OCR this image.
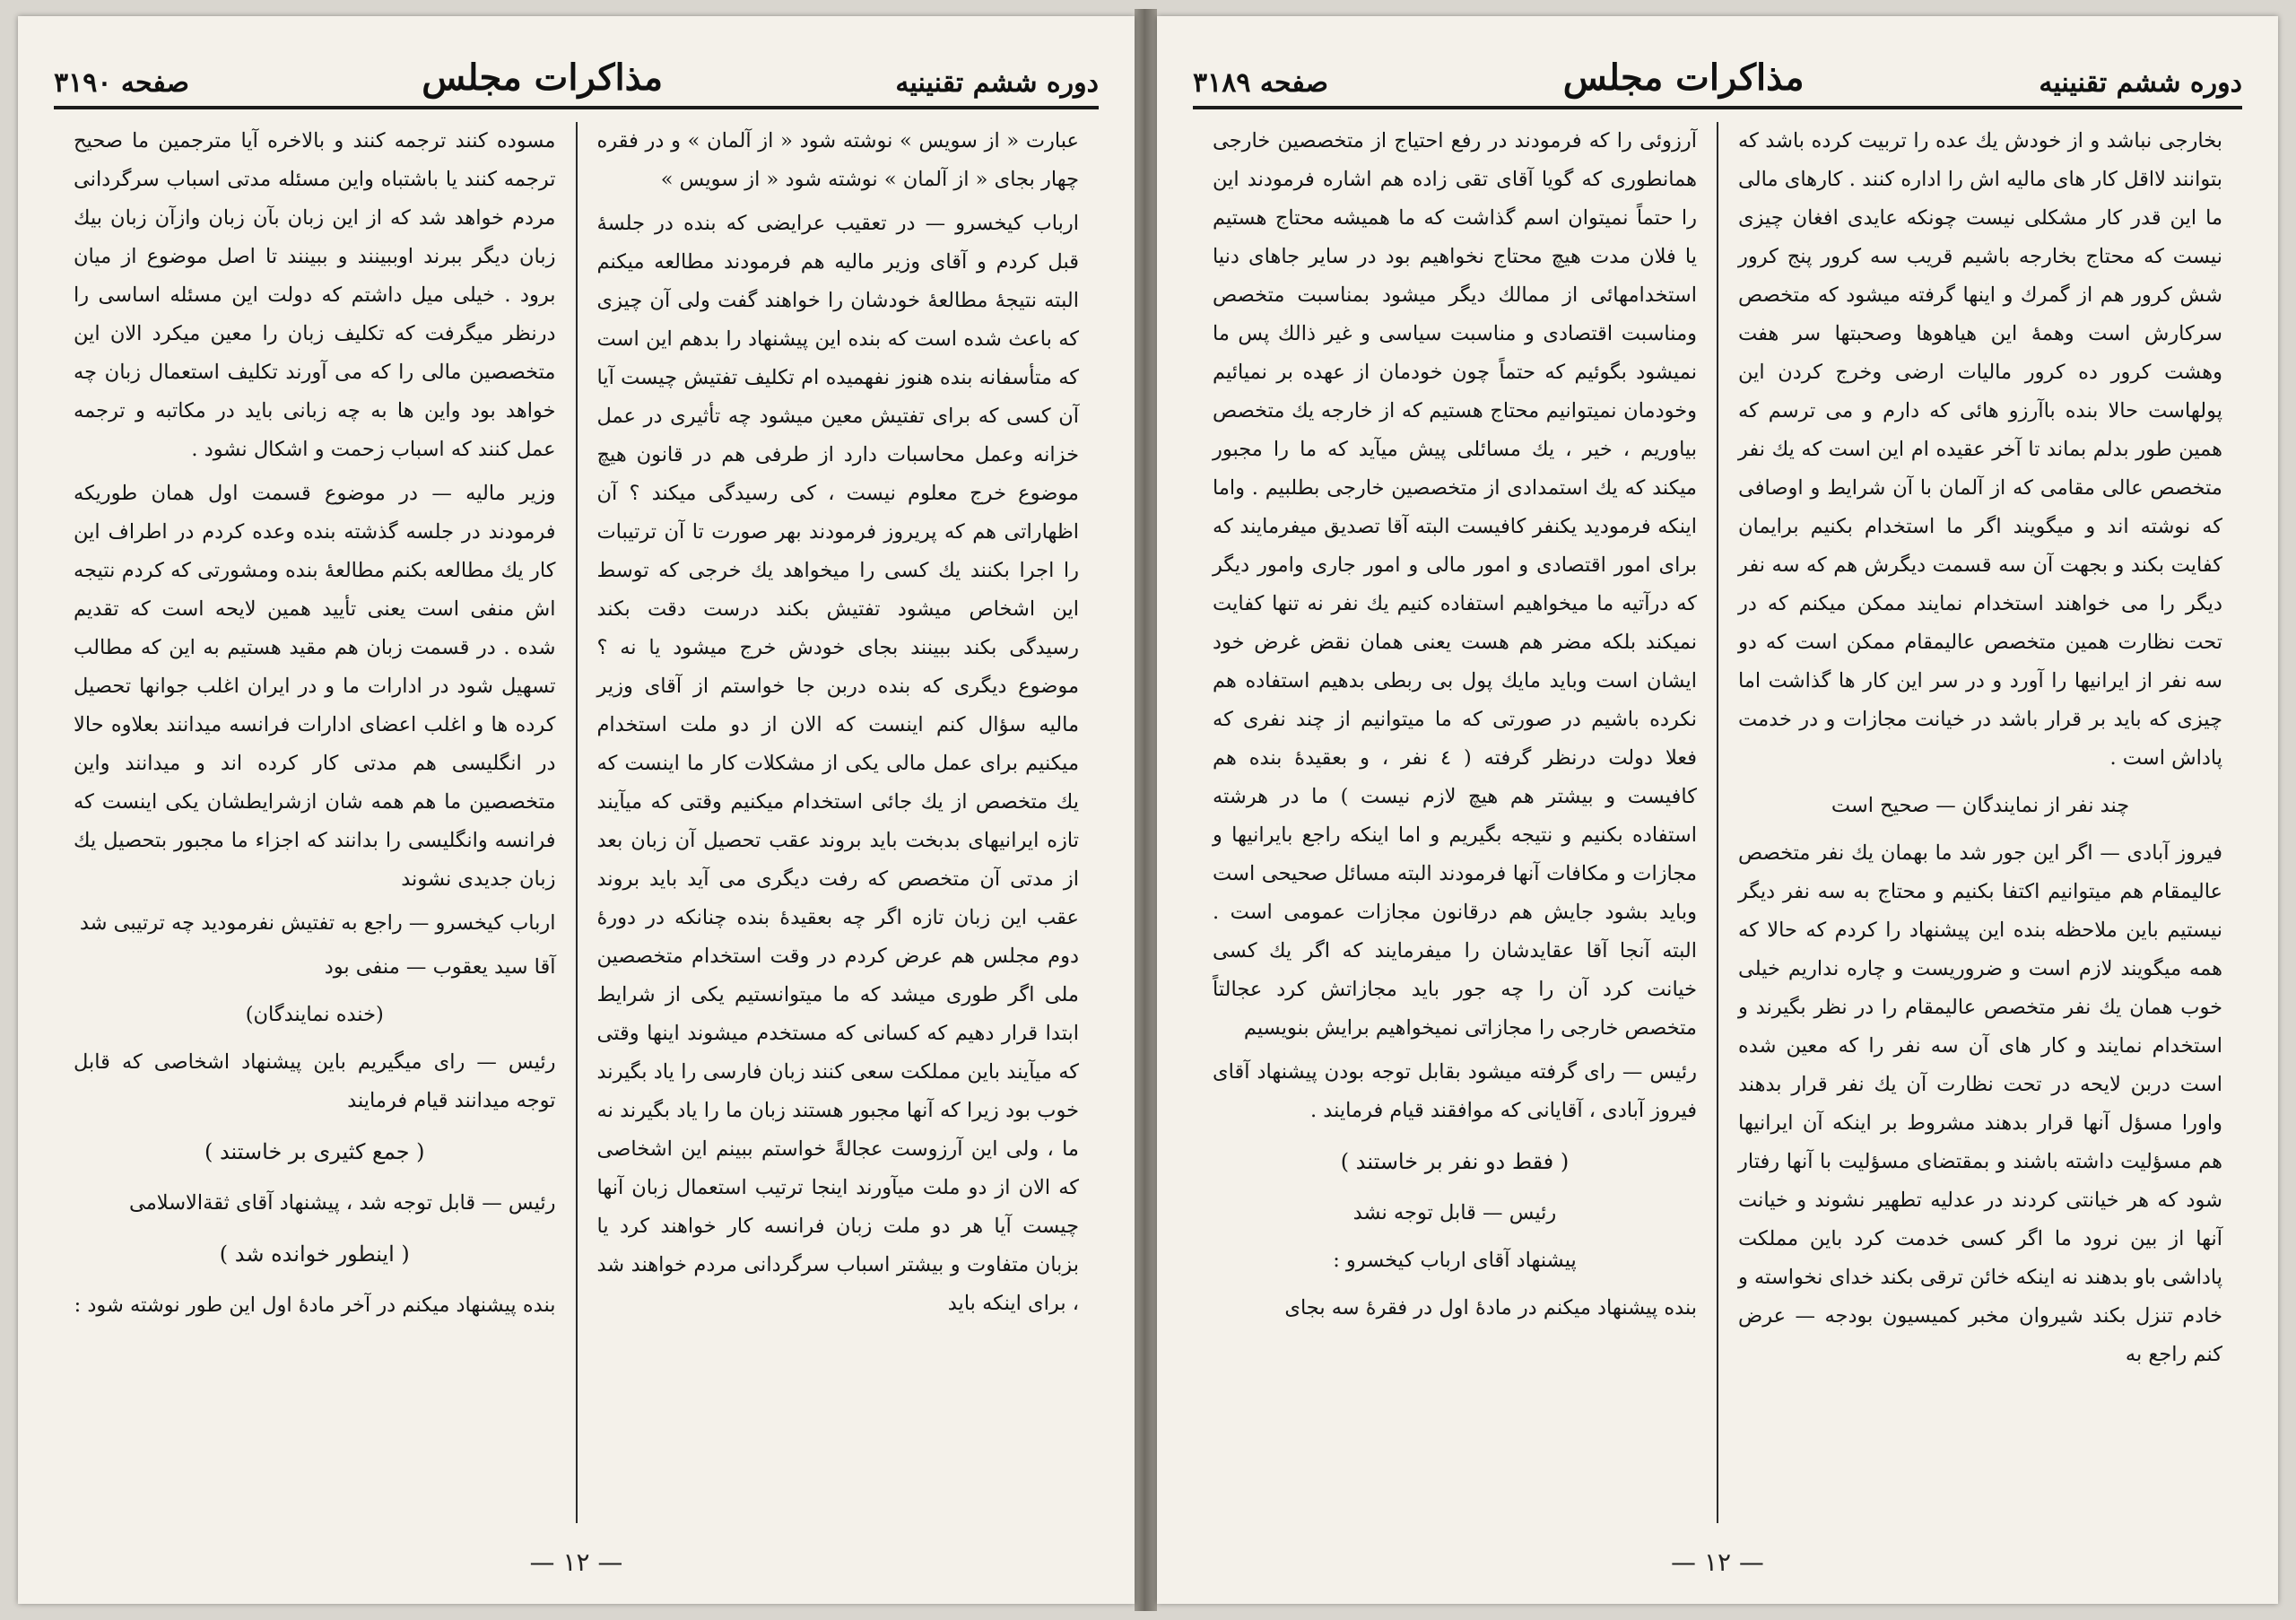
دوره ششم تقنینیه
مذاکرات مجلس
صفحه ۳۱۹۰

عبارت « از سویس » نوشته شود « از آلمان » و در فقره چهار بجای « از آلمان » نوشته شود « از سویس »

ارباب کیخسرو — در تعقیب عرایضی که بنده در جلسهٔ قبل کردم و آقای وزیر مالیه هم فرمودند مطالعه میکنم البته نتیجهٔ مطالعهٔ خودشان را خواهند گفت ولی آن چیزی که باعث شده است که بنده این پیشنهاد را بدهم این است که متأسفانه بنده هنوز نفهمیده ام تکلیف تفتیش چیست آیا آن کسی که برای تفتیش معین میشود چه تأثیری در عمل خزانه وعمل محاسبات دارد از طرفی هم در قانون هیچ موضوع خرج معلوم نیست ، کی رسیدگی میکند ؟ آن اظهاراتی هم که پریروز فرمودند بهر صورت تا آن ترتیبات را اجرا بکنند یك کسی را میخواهد یك خرجی که توسط این اشخاص میشود تفتیش بکند درست دقت بکند رسیدگی بکند ببینند بجای خودش خرج میشود یا نه ؟ موضوع دیگری که بنده دربن جا خواستم از آقای وزیر مالیه سؤال کنم اینست که الان از دو ملت استخدام میکنیم برای عمل مالی یکی از مشکلات کار ما اینست که یك متخصص از یك جائی استخدام میکنیم وقتی که میآیند تازه ایرانیهای بدبخت باید بروند عقب تحصیل آن زبان بعد از مدتی آن متخصص که رفت دیگری می آید باید بروند عقب این زبان تازه اگر چه بعقیدهٔ بنده چنانکه در دورهٔ دوم مجلس هم عرض کردم در وقت استخدام متخصصین ملی اگر طوری میشد که ما میتوانستیم یکی از شرایط ابتدا قرار دهیم که کسانی که مستخدم میشوند اینها وقتی که میآیند باین مملکت سعی کنند زبان فارسی را یاد بگیرند خوب بود زیرا که آنها مجبور هستند زبان ما را یاد بگیرند نه ما ، ولی این آرزوست عجالةً خواستم ببینم این اشخاصی که الان از دو ملت میآورند اینجا ترتیب استعمال زبان آنها چیست آیا هر دو ملت زبان فرانسه کار خواهند کرد یا بزبان متفاوت و بیشتر اسباب سرگردانی مردم خواهند شد ، برای اینکه باید

مسوده کنند ترجمه کنند و بالاخره آیا مترجمین ما صحیح ترجمه کنند یا باشتباه واین مسئله مدتی اسباب سرگردانی مردم خواهد شد که از این زبان بآن زبان وازآن زبان بیك زبان دیگر ببرند اوببینند و ببینند تا اصل موضوع از میان برود . خیلی میل داشتم که دولت این مسئله اساسی را درنظر میگرفت که تکلیف زبان را معین میکرد الان این متخصصین مالی را که می آورند تکلیف استعمال زبان چه خواهد بود واین ها به چه زبانی باید در مکاتبه و ترجمه عمل کنند که اسباب زحمت و اشکال نشود .

وزیر مالیه — در موضوع قسمت اول همان طوریکه فرمودند در جلسه گذشته بنده وعده کردم در اطراف این کار یك مطالعه بکنم مطالعهٔ بنده ومشورتی که کردم نتیجه اش منفی است یعنی تأیید همین لایحه است که تقدیم شده . در قسمت زبان هم مقید هستیم به این که مطالب تسهیل شود در ادارات ما و در ایران اغلب جوانها تحصیل کرده ها و اغلب اعضای ادارات فرانسه میدانند بعلاوه حالا در انگلیسی هم مدتی کار کرده اند و میدانند واین متخصصین ما هم همه شان ازشرایطشان یکی اینست که فرانسه وانگلیسی را بدانند که اجزاء ما مجبور بتحصیل یك زبان جدیدی نشوند

ارباب کیخسرو — راجع به تفتیش نفرمودید چه ترتیبی شد

آقا سید یعقوب — منفی بود

(خنده نمایندگان)

رئیس — رای میگیریم باین پیشنهاد اشخاصی که قابل توجه میدانند قیام فرمایند

( جمع کثیری بر خاستند )

رئیس — قابل توجه شد ، پیشنهاد آقای ثقةالاسلامی

( اینطور خوانده شد )

بنده پیشنهاد میکنم در آخر مادهٔ اول این طور نوشته شود :

— ۱۲ —
دوره ششم تقنینیه
مذاکرات مجلس
صفحه ۳۱۸۹

بخارجی نباشد و از خودش یك عده را تربیت کرده باشد که بتوانند لااقل کار های مالیه اش را اداره کنند . کارهای مالی ما این قدر کار مشکلی نیست چونکه عایدی افغان چیزی نیست که محتاج بخارجه باشیم قریب سه کرور پنج کرور شش کرور هم از گمرك و اینها گرفته میشود که متخصص سرکارش است وهمهٔ این هیاهوها وصحبتها سر هفت وهشت کرور ده کرور مالیات ارضی وخرج کردن این پولهاست حالا بنده باآرزو هائی که دارم و می ترسم که همین طور بدلم بماند تا آخر عقیده ام این است که یك نفر متخصص عالی مقامی که از آلمان با آن شرایط و اوصافی که نوشته اند و میگویند اگر ما استخدام بکنیم برایمان کفایت بکند و بجهت آن سه قسمت دیگرش هم که سه نفر دیگر را می خواهند استخدام نمایند ممکن میکنم که در تحت نظارت همین متخصص عالیمقام ممکن است که دو سه نفر از ایرانیها را آورد و در سر این کار ها گذاشت اما چیزی که باید بر قرار باشد در خیانت مجازات و در خدمت پاداش است .

چند نفر از نمایندگان — صحیح است

فیروز آبادی — اگر این جور شد ما بهمان یك نفر متخصص عالیمقام هم میتوانیم اکتفا بکنیم و محتاج به سه نفر دیگر نیستیم باین ملاحظه بنده این پیشنهاد را کردم که حالا که همه میگویند لازم است و ضروریست و چاره نداریم خیلی خوب همان یك نفر متخصص عالیمقام را در نظر بگیرند و استخدام نمایند و کار های آن سه نفر را که معین شده است دربن لایحه در تحت نظارت آن یك نفر قرار بدهند واورا مسؤل آنها قرار بدهند مشروط بر اینکه آن ایرانیها هم مسؤلیت داشته باشند و بمقتضای مسؤلیت با آنها رفتار شود که هر خیانتی کردند در عدلیه تطهیر نشوند و خیانت آنها از بین نرود ما اگر کسی خدمت کرد باین مملکت پاداشی باو بدهند نه اینکه خائن ترقی بکند خدای نخواسته و خادم تنزل بکند شیروان مخبر کمیسیون بودجه — عرض کنم راجع به

آرزوئی را که فرمودند در رفع احتیاج از متخصصین خارجی همانطوری که گویا آقای تقی زاده هم اشاره فرمودند این را حتماً نمیتوان اسم گذاشت که ما همیشه محتاج هستیم یا فلان مدت هیچ محتاج نخواهیم بود در سایر جاهای دنیا استخدامهائی از ممالك دیگر میشود بمناسبت متخصص ومناسبت اقتصادی و مناسبت سیاسی و غیر ذالك پس ما نمیشود بگوئیم که حتماً چون خودمان از عهده بر نمیائیم وخودمان نمیتوانیم محتاج هستیم که از خارجه یك متخصص بیاوریم ، خیر ، یك مسائلی پیش میآید که ما را مجبور میکند که یك استمدادی از متخصصین خارجی بطلبیم . واما اینکه فرمودید یکنفر کافیست البته آقا تصدیق میفرمایند که برای امور اقتصادی و امور مالی و امور جاری وامور دیگر که درآتیه ما میخواهیم استفاده کنیم یك نفر نه تنها کفایت نمیکند بلکه مضر هم هست یعنی همان نقض غرض خود ایشان است وباید مایك پول بی ربطی بدهیم استفاده هم نکرده باشیم در صورتی که ما میتوانیم از چند نفری که فعلا دولت درنظر گرفته ( ٤ نفر ، و بعقیدهٔ بنده هم کافیست و بیشتر هم هیچ لازم نیست ) ما در هرشته استفاده بکنیم و نتیجه بگیریم و اما اینکه راجع بایرانیها و مجازات و مکافات آنها فرمودند البته مسائل صحیحی است وباید بشود جایش هم درقانون مجازات عمومی است . البته آنجا آقا عقایدشان را میفرمایند که اگر یك کسی خیانت کرد آن را چه جور باید مجازاتش کرد عجالتاً متخصص خارجی را مجازاتی نمیخواهیم برایش بنویسیم

رئیس — رای گرفته میشود بقابل توجه بودن پیشنهاد آقای فیروز آبادی ، آقایانی که موافقند قیام فرمایند .

( فقط دو نفر بر خاستند )

رئیس — قابل توجه نشد

پیشنهاد آقای ارباب کیخسرو :

بنده پیشنهاد میکنم در مادهٔ اول در فقرهٔ سه بجای

— ۱۲ —
